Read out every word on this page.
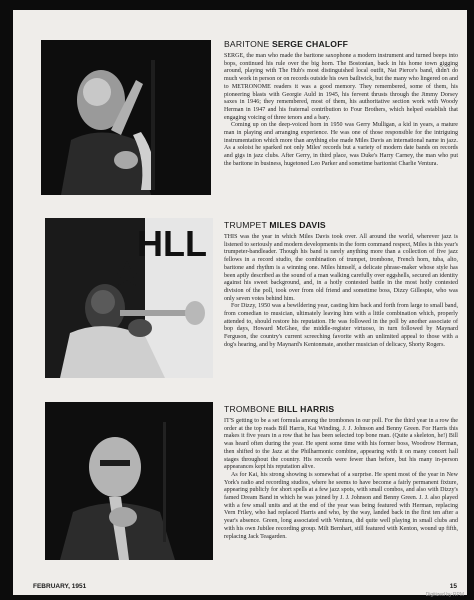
HLL
BARITONE SERGE CHALOFF

SERGE, the man who made the baritone saxophone a modern instrument and turned beeps into bops, continued his rule over the big horn. The Bostonian, back in his home town gigging around, playing with The Hub's most distinguished local outfit, Nat Pierce's band, didn't do much work in person or on records outside his own bailiwick, but the many who lingered on and to METRONOME readers it was a good memory. They remembered, some of them, his pioneering blasts with Georgie Auld in 1945, his fervent thrusts through the Jimmy Dorsey saxes in 1946; they remembered, most of them, his authoritative section work with Woody Herman in 1947 and his fraternal contribution to Four Brothers, which helped establish that engaging voicing of three tenors and a bary.

Coming up on the deep-voiced horn in 1950 was Gerry Mulligan, a kid in years, a mature man in playing and arranging experience. He was one of those responsible for the intriguing instrumentation which more than anything else made Miles Davis an international name in jazz. As a soloist he sparked not only Miles' records but a variety of modern date bands on records and gigs in jazz clubs. After Gerry, in third place, was Duke's Harry Carney, the man who put the baritone in business, hugetoned Leo Parker and sometime baritonist Charlie Ventura.

TRUMPET MILES DAVIS

THIS was the year in which Miles Davis took over. All around the world, wherever jazz is listened to seriously and modern developments in the form command respect, Miles is this year's trumpeter-bandleader. Though his band is rarely anything more than a collection of five jazz fellows in a record studio, the combination of trumpet, trombone, French horn, tuba, alto, baritone and rhythm is a winning one. Miles himself, a delicate phrase-maker whose style has been aptly described as the sound of a man walking carefully over eggshells, secured an identity against his sweet background, and, in a hotly contested battle in the most hotly contested division of the poll, took over from old friend and sometime boss, Dizzy Gillespie, who was only seven votes behind him.

For Dizzy, 1950 was a bewildering year, casting him back and forth from large to small band, from comedian to musician, ultimately leaving him with a little combination which, properly attended to, should restore his reputation. He was followed in the poll by another associate of bop days, Howard McGhee, the middle-register virtuoso, in turn followed by Maynard Ferguson, the country's current screeching favorite with an unlimited appeal to those with a dog's hearing, and by Maynard's Kentonmate, another musician of delicacy, Shorty Rogers.

TROMBONE BILL HARRIS

IT'S getting to be a set formula among the trombones in our poll. For the third year in a row the order at the top reads Bill Harris, Kai Winding, J. J. Johnson and Benny Green. For Harris this makes it five years in a row that he has been selected top bone man. (Quite a skeleton, he!) Bill was heard often during the year. He spent some time with his former boss, Woodrow Herman, then shifted to the Jazz at the Philharmonic combine, appearing with it on many concert hall stages throughout the country. His records were fewer than before, but his many in-person appearances kept his reputation alive.

As for Kai, his strong showing is somewhat of a surprise. He spent most of the year in New York's radio and recording studios, where he seems to have become a fairly permanent fixture, appearing publicly for short spells at a few jazz spots, with small combos, and also with Dizzy's famed Dream Band in which he was joined by J. J. Johnson and Benny Green. J. J. also played with a few small units and at the end of the year was being featured with Herman, replacing Vern Friley, who had replaced Harris and who, by the way, landed back in the first ten after a year's absence. Green, long associated with Ventura, did quite well playing in small clubs and with his own Jubilee recording group. Milt Bernhart, still featured with Kenton, wound up fifth, replacing Jack Teagarden.

FEBRUARY, 1951	15
Digitized by RPM
